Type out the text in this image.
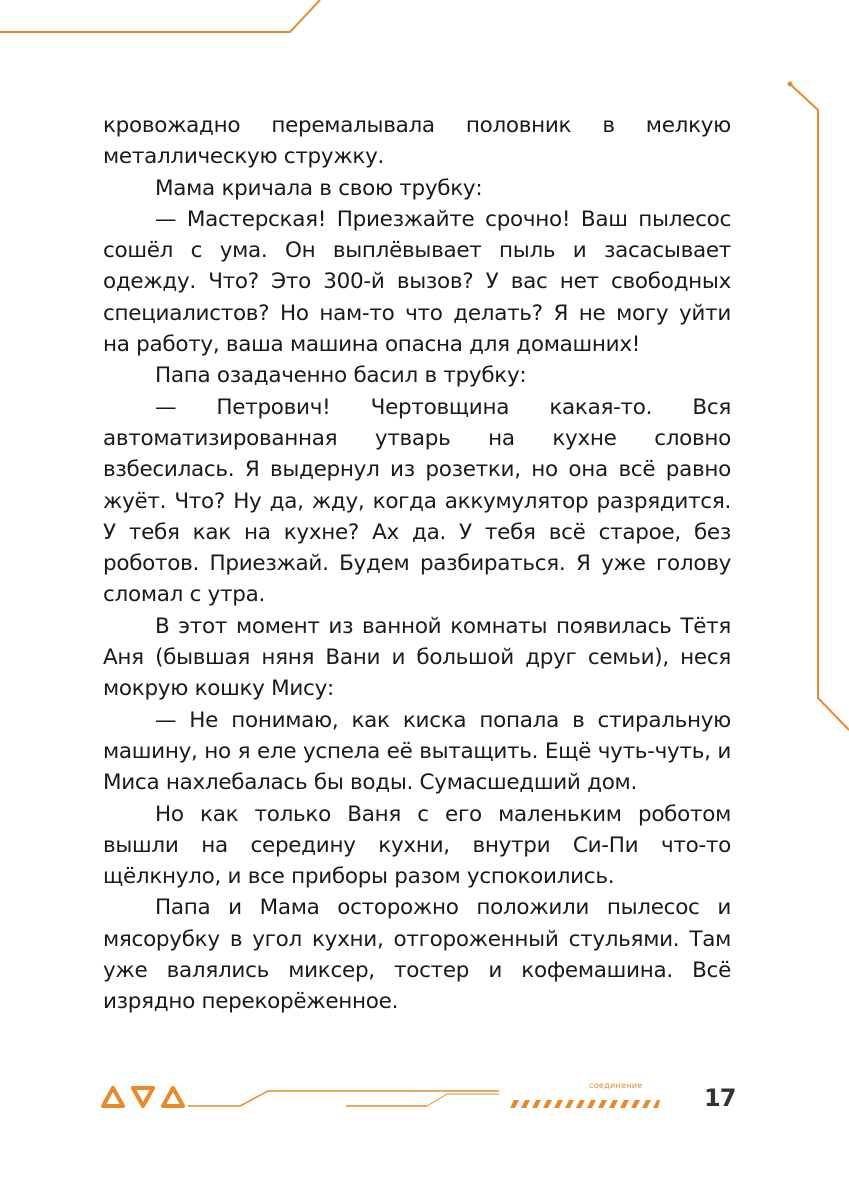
кровожадно перемалывала половник в мелкую металлическую стружку.

Мама кричала в свою трубку:

— Мастерская! Приезжайте срочно! Ваш пылесос сошёл с ума. Он выплёвывает пыль и засасывает одежду. Что? Это 300-й вызов? У вас нет свободных специалистов? Но нам-то что делать? Я не могу уйти на работу, ваша машина опасна для домашних!

Папа озадаченно басил в трубку:

— Петрович! Чертовщина какая-то. Вся автоматизированная утварь на кухне словно взбесилась. Я выдернул из розетки, но она всё равно жуёт. Что? Ну да, жду, когда аккумулятор разрядится. У тебя как на кухне? Ах да. У тебя всё старое, без роботов. Приезжай. Будем разбираться. Я уже голову сломал с утра.

В этот момент из ванной комнаты появилась Тётя Аня (бывшая няня Вани и большой друг семьи), неся мокрую кошку Мису:

— Не понимаю, как киска попала в стиральную машину, но я еле успела её вытащить. Ещё чуть-чуть, и Миса нахлебалась бы воды. Сумасшедший дом.

Но как только Ваня с его маленьким роботом вышли на середину кухни, внутри Си-Пи что-то щёлкнуло, и все приборы разом успокоились.

Папа и Мама осторожно положили пылесос и мясорубку в угол кухни, отгороженный стульями. Там уже валялись миксер, тостер и кофемашина. Всё изрядно перекорёженное.

соединение	17
